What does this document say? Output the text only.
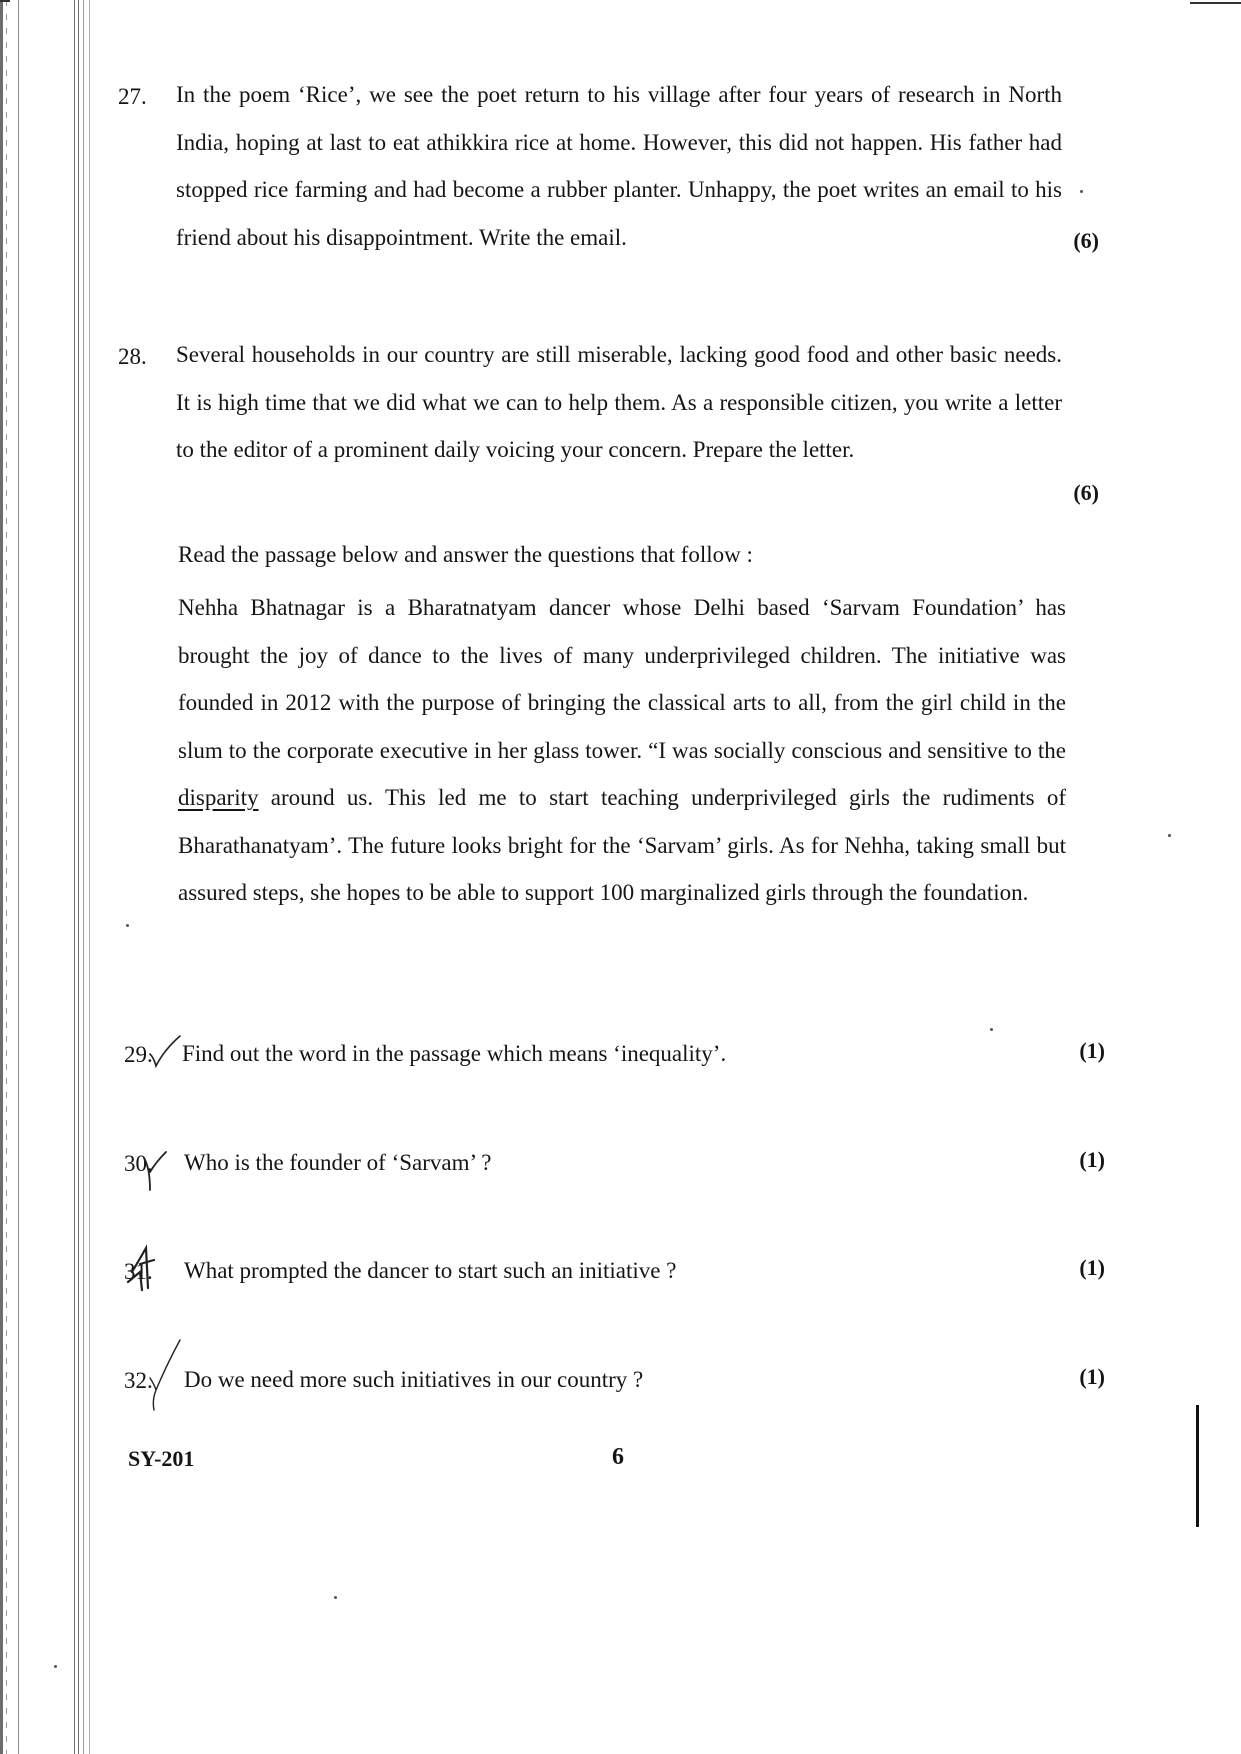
27. In the poem ‘Rice’, we see the poet return to his village after four years of research in North India, hoping at last to eat athikkira rice at home. However, this did not happen. His father had stopped rice farming and had become a rubber planter. Unhappy, the poet writes an email to his friend about his disappointment. Write the email.	(6)
28. Several households in our country are still miserable, lacking good food and other basic needs. It is high time that we did what we can to help them. As a responsible citizen, you write a letter to the editor of a prominent daily voicing your concern. Prepare the letter.

(6)

Read the passage below and answer the questions that follow :

Nehha Bhatnagar is a Bharatnatyam dancer whose Delhi based ‘Sarvam Foundation’ has brought the joy of dance to the lives of many underprivileged children. The initiative was founded in 2012 with the purpose of bringing the classical arts to all, from the girl child in the slum to the corporate executive in her glass tower. “I was socially conscious and sensitive to the disparity around us. This led me to start teaching underprivileged girls the rudiments of Bharathanatyam’. The future looks bright for the ‘Sarvam’ girls. As for Nehha, taking small but assured steps, she hopes to be able to support 100 marginalized girls through the foundation.

29. Find out the word in the passage which means ‘inequality’.	(1)
30. Who is the founder of ‘Sarvam’ ?	(1)
31. What prompted the dancer to start such an initiative ?	(1)
32. Do we need more such initiatives in our country ?	(1)
SY-201	6
